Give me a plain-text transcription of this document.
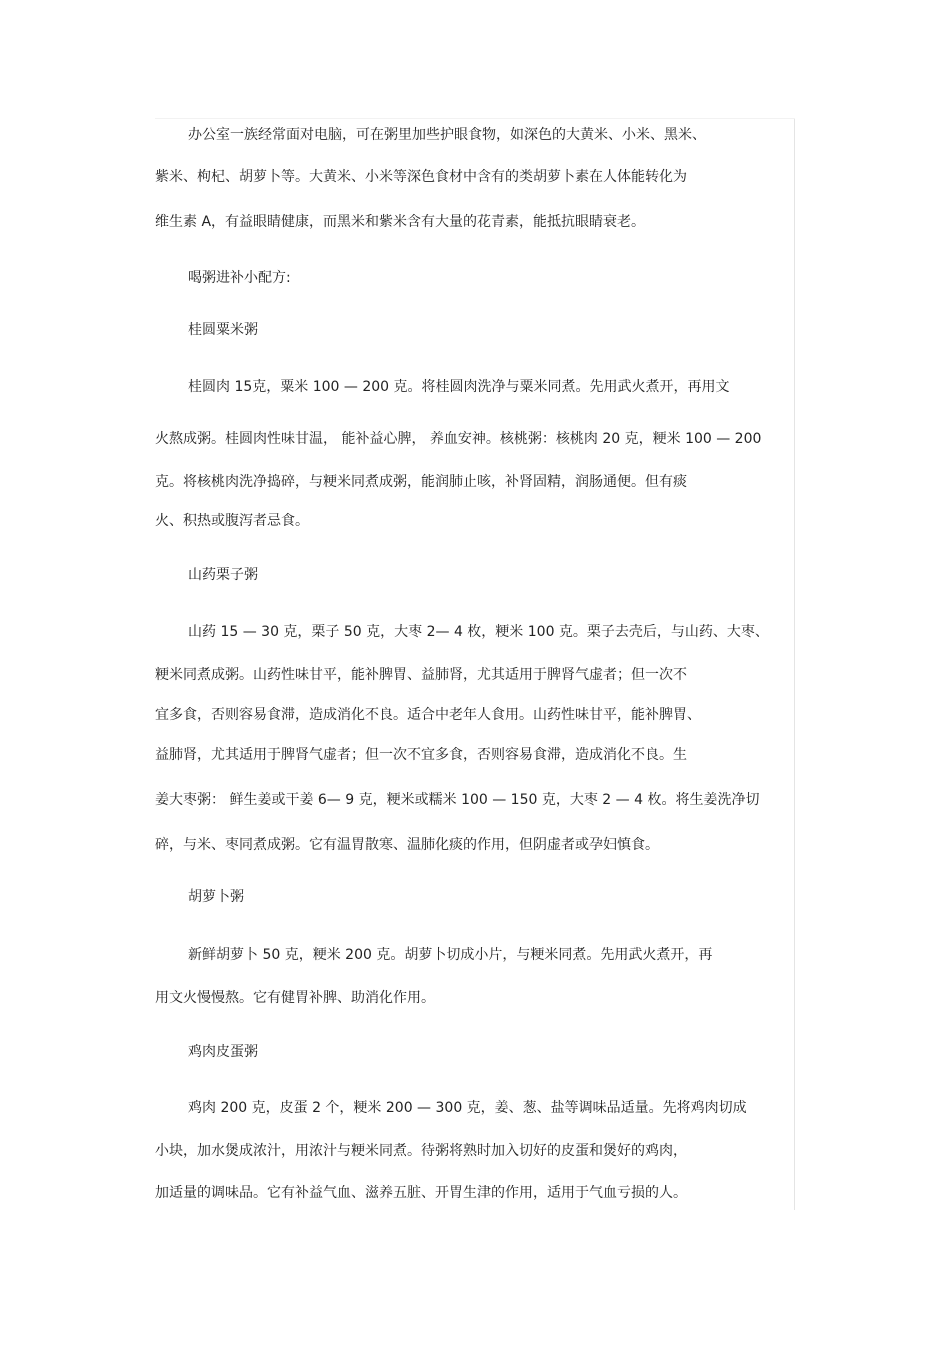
办公室一族经常面对电脑，可在粥里加些护眼食物，如深色的大黄米、小米、黑米、

紫米、枸杞、胡萝卜等。大黄米、小米等深色食材中含有的类胡萝卜素在人体能转化为

维生素 A，有益眼睛健康，而黑米和紫米含有大量的花青素，能抵抗眼睛衰老。

喝粥进补小配方:

桂圆粟米粥

桂圆肉 15克，粟米 100 — 200 克。将桂圆肉洗净与粟米同煮。先用武火煮开，再用文

火熬成粥。桂圆肉性味甘温， 能补益心脾， 养血安神。核桃粥：核桃肉 20 克，粳米 100 — 200

克。将核桃肉洗净捣碎，与粳米同煮成粥，能润肺止咳，补肾固精，润肠通便。但有痰

火、积热或腹泻者忌食。

山药栗子粥

山药 15 — 30 克，栗子 50 克，大枣 2— 4 枚，粳米 100 克。栗子去壳后，与山药、大枣、

粳米同煮成粥。山药性味甘平，能补脾胃、益肺肾，尤其适用于脾肾气虚者；但一次不

宜多食，否则容易食滞，造成消化不良。适合中老年人食用。山药性味甘平，能补脾胃、

益肺肾，尤其适用于脾肾气虚者；但一次不宜多食，否则容易食滞，造成消化不良。生

姜大枣粥： 鲜生姜或干姜 6— 9 克，粳米或糯米 100 — 150 克，大枣 2 — 4 枚。将生姜洗净切

碎，与米、枣同煮成粥。它有温胃散寒、温肺化痰的作用，但阴虚者或孕妇慎食。

胡萝卜粥

新鲜胡萝卜 50 克，粳米 200 克。胡萝卜切成小片，与粳米同煮。先用武火煮开，再

用文火慢慢熬。它有健胃补脾、助消化作用。

鸡肉皮蛋粥

鸡肉 200 克，皮蛋 2 个，粳米 200 — 300 克，姜、葱、盐等调味品适量。先将鸡肉切成

小块，加水煲成浓汁，用浓汁与粳米同煮。待粥将熟时加入切好的皮蛋和煲好的鸡肉，

加适量的调味品。它有补益气血、滋养五脏、开胃生津的作用，适用于气血亏损的人。
